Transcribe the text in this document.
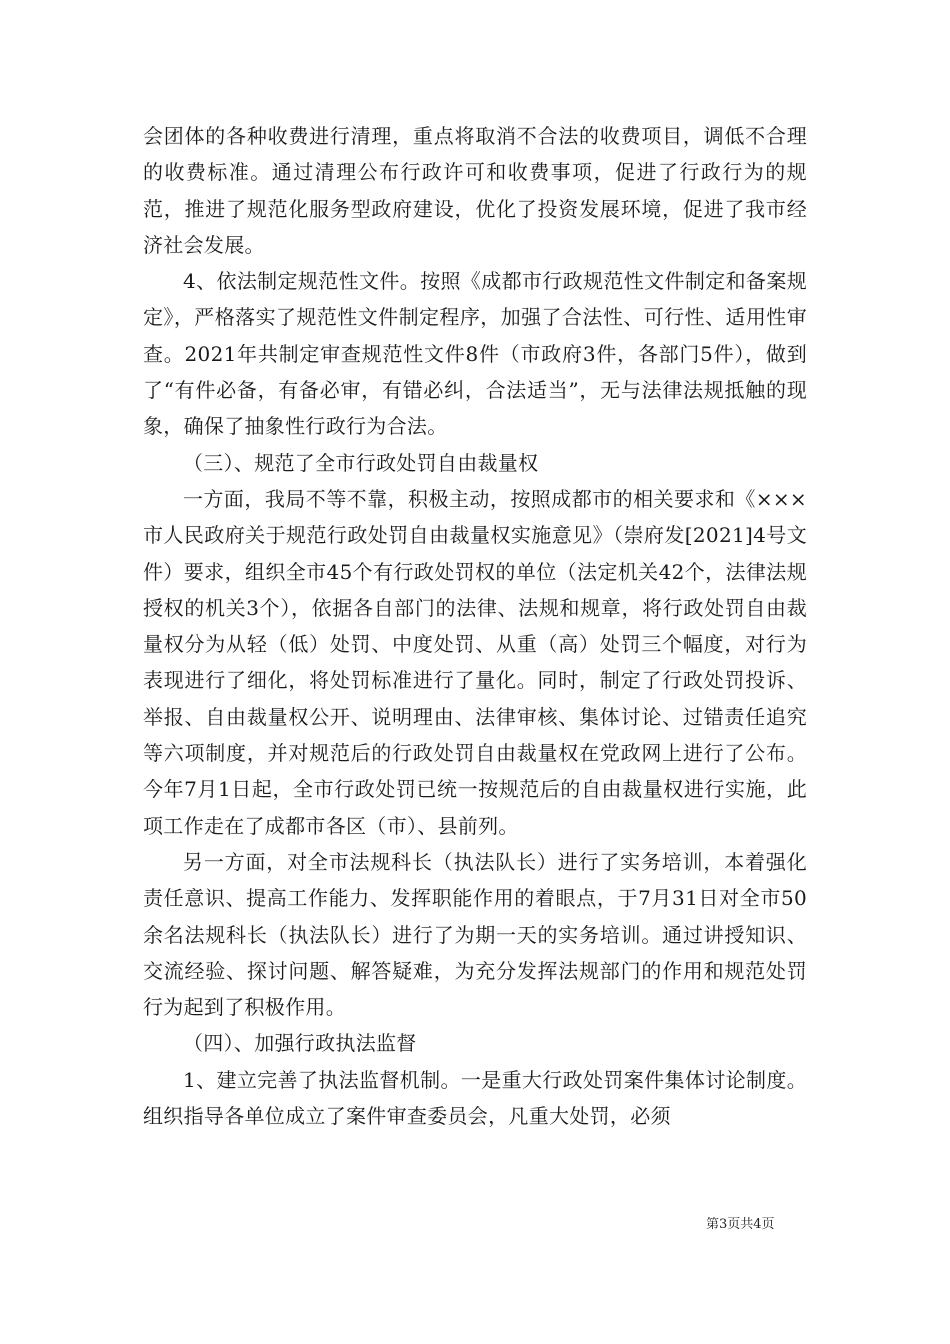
会团体的各种收费进行清理，重点将取消不合法的收费项目，调低不合理的收费标准。通过清理公布行政许可和收费事项，促进了行政行为的规范，推进了规范化服务型政府建设，优化了投资发展环境，促进了我市经济社会发展。

4、依法制定规范性文件。按照《成都市行政规范性文件制定和备案规定》，严格落实了规范性文件制定程序，加强了合法性、可行性、适用性审查。2021年共制定审查规范性文件8件（市政府3件，各部门5件），做到了“有件必备，有备必审，有错必纠，合法适当”，无与法律法规抵触的现象，确保了抽象性行政行为合法。

（三）、规范了全市行政处罚自由裁量权

一方面，我局不等不靠，积极主动，按照成都市的相关要求和《×××市人民政府关于规范行政处罚自由裁量权实施意见》（崇府发[2021]4号文件）要求，组织全市45个有行政处罚权的单位（法定机关42个，法律法规授权的机关3个），依据各自部门的法律、法规和规章，将行政处罚自由裁量权分为从轻（低）处罚、中度处罚、从重（高）处罚三个幅度，对行为表现进行了细化，将处罚标准进行了量化。同时，制定了行政处罚投诉、举报、自由裁量权公开、说明理由、法律审核、集体讨论、过错责任追究等六项制度，并对规范后的行政处罚自由裁量权在党政网上进行了公布。今年7月1日起，全市行政处罚已统一按规范后的自由裁量权进行实施，此项工作走在了成都市各区（市）、县前列。

另一方面，对全市法规科长（执法队长）进行了实务培训，本着强化责任意识、提高工作能力、发挥职能作用的着眼点，于7月31日对全市50余名法规科长（执法队长）进行了为期一天的实务培训。通过讲授知识、交流经验、探讨问题、解答疑难，为充分发挥法规部门的作用和规范处罚行为起到了积极作用。

（四）、加强行政执法监督

1、建立完善了执法监督机制。一是重大行政处罚案件集体讨论制度。组织指导各单位成立了案件审查委员会，凡重大处罚，必须

第3页共4页
